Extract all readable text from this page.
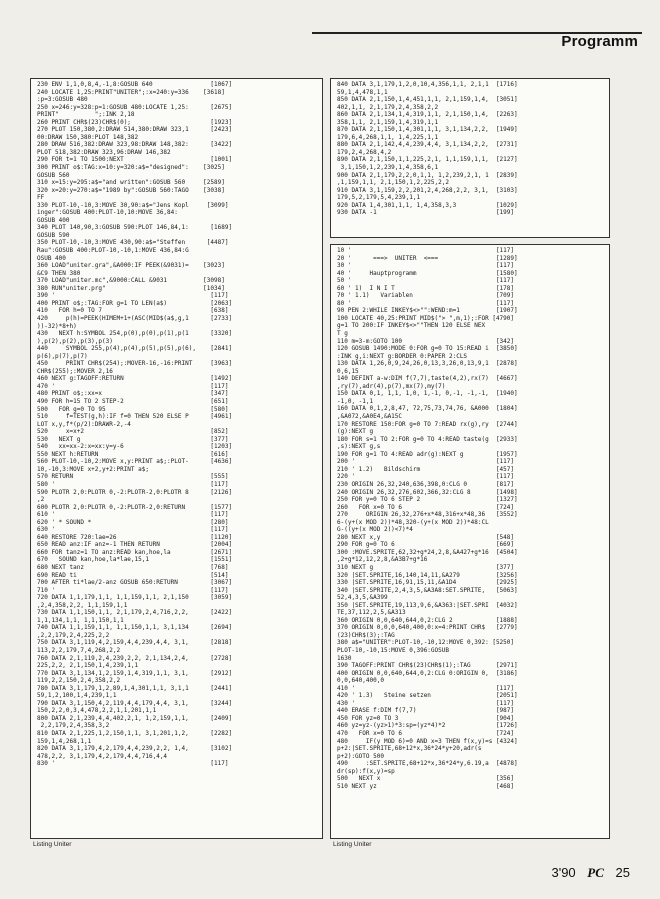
Programm
230 ENV 1,1,0,8,4,-1,8:GOSUB 640                [1067]
240 LOCATE 1,25:PRINT"UNITER";:x=240:y=336    [3618]
:p=3:GOSUB 480
250 x=246:y=328:p=1:GOSUB 480:LOCATE 1,25:      [2675]
PRINT"          ";:INK 2,18
260 PRINT CHR$(23)CHR$(0);                      [1923]
270 PLOT 150,380,2:DRAW 514,380:DRAW 323,1      [2423]
00:DRAW 150,380:PLOT 148,382
280 DRAW 516,382:DRAW 323,98:DRAW 148,382:      [3422]
PLOT 518,382:DRAW 323,96:DRAW 146,382
290 FOR t=1 TO 1500:NEXT                        [1001]
300 PRINT o$:TAG:x=10:y=320:a$="designed":    [3025]
GOSUB 560
310 x=15:y=295:a$="and written":GOSUB 560     [2589]
320 x=20:y=270:a$="1989 by":GOSUB 560:TAGO    [3038]
FF
330 PLOT-10,-10,3:MOVE 30,90:a$="Jens Kopl     [3099]
inger":GOSUB 400:PLOT-10,10:MOVE 36,84:
GOSUB 400
340 PLOT 140,90,3:GOSUB 590:PLOT 146,84,1:      [1689]
GOSUB 590
350 PLOT-10,-10,3:MOVE 430,90:a$="Steffen      [4487]
Rau":GOSUB 400:PLOT-10,-10,1:MOVE 436,84:G
OSUB 400
360 LOAD"uniter.gra",&A000:IF PEEK(&9031)=    [3023]
&C9 THEN 380
370 LOAD"uniter.mc",&9000:CALL &9031          [3098]
380 RUN"uniter.prg"                           [1034]
390 '                                           [117]
400 PRINT o$;:TAG:FOR g=1 TO LEN(a$)            [2063]
410   FOR h=0 TO 7                              [638]
420     p(h)=PEEK(HIMEM+1+(ASC(MID$(a$,g,1      [2733]
))-32)*8+h)
430   NEXT h:SYMBOL 254,p(0),p(0),p(1),p(1      [3320]
),p(2),p(2),p(3),p(3)
440     SYMBOL 255,p(4),p(4),p(5),p(5),p(6),    [2841]
p(6),p(7),p(7)
450     PRINT CHR$(254);:MOVER-16,-16:PRINT     [3963]
CHR$(255);:MOVER 2,16
460 NEXT g:TAGOFF:RETURN                        [1492]
470 '                                           [117]
480 PRINT o$;:xx=x                              [347]
490 FOR h=15 TO 2 STEP-2                        [651]
500   FOR g=0 TO 95                             [580]
510     f=TEST(g,h):IF f=0 THEN 520 ELSE P      [4961]
LOT x,y,f*(p/2):DRAWR-2,-4
520     x=x+2                                   [852]
530   NEXT g                                    [377]
540   xx=xx-2:x=xx:y=y-6                        [1203]
550 NEXT h:RETURN                               [616]
560 PLOT-10,-10,2:MOVE x,y:PRINT a$;:PLOT-      [4636]
10,-10,3:MOVE x+2,y+2:PRINT a$;
570 RETURN                                      [555]
580 '                                           [117]
590 PLOTR 2,0:PLOTR 0,-2:PLOTR-2,0:PLOTR 8      [2126]
,2
600 PLOTR 2,0:PLOTR 0,-2:PLOTR-2,0:RETURN       [1577]
610 '                                           [117]
620 ' * SOUND *                                 [280]
630 '                                           [117]
640 RESTORE 720:lae=26                          [1120]
650 READ anz:IF anz=-1 THEN RETURN              [2004]
660 FOR tanz=1 TO anz:READ kan,hoe,la           [2671]
670   SOUND kan,hoe,la*lae,15,1                 [1551]
680 NEXT tanz                                   [768]
690 READ ti                                     [514]
700 AFTER ti*lae/2-anz GOSUB 650:RETURN         [3067]
710 '                                           [117]
720 DATA 1,1,179,1,1, 1,1,159,1,1, 2,1,150      [3059]
,2,4,358,2,2, 1,1,159,1,1
730 DATA 1,1,150,1,1, 2,1,179,2,4,716,2,2,      [2422]
1,1,134,1,1, 1,1,150,1,1
740 DATA 1,1,159,1,1, 1,1,150,1,1, 3,1,134      [2694]
,2,2,179,2,4,225,2,2
750 DATA 3,1,119,4,2,159,4,4,239,4,4, 3,1,      [2818]
113,2,2,179,7,4,268,2,2
760 DATA 2,1,119,2,4,239,2,2, 2,1,134,2,4,      [2728]
225,2,2, 2,1,150,1,4,239,1,1
770 DATA 3,1,134,1,2,159,1,4,319,1,1, 3,1,      [2912]
119,2,2,150,2,4,358,2,2
780 DATA 3,1,179,1,2,89,1,4,301,1,1, 3,1,1      [2441]
59,1,2,100,1,4,239,1,1
790 DATA 3,1,150,4,2,119,4,4,179,4,4, 3,1,      [3244]
150,2,2,0,3,4,478,2,2,1,1,201,1,1
800 DATA 2,1,239,4,4,402,2,1, 1,2,159,1,1,      [2409]
2,2,179,2,4,358,3,2
810 DATA 2,1,225,1,2,150,1,1, 3,1,201,1,2,      [2282]
159,1,4,268,1,1
820 DATA 3,1,179,4,2,179,4,4,239,2,2, 1,4,      [3102]
478,2,2, 3,1,179,4,2,179,4,4,716,4,4
830 '                                           [117]
Listing Uniter
840 DATA 3,1,179,1,2,0,10,4,356,1,1, 2,1,1  [1716]
59,1,4,478,1,1
850 DATA 2,1,150,1,4,451,1,1, 2,1,159,1,4,  [3051]
402,1,1, 2,1,179,2,4,358,2,2
860 DATA 2,1,134,1,4,319,1,1, 2,1,150,1,4,  [2263]
358,1,1, 2,1,159,1,4,319,1,1
870 DATA 2,1,150,1,4,301,1,1, 3,1,134,2,2,  [1949]
179,6,4,268,1,1, 1,4,225,1,1
880 DATA 2,1,142,4,4,239,4,4, 3,1,134,2,2,  [2731]
179,2,4,268,4,2
890 DATA 2,1,150,1,1,225,2,1, 1,1,159,1,1,  [2127]
3,1,150,1,2,239,1,4,358,6,1
900 DATA 2,1,179,2,2,0,1,1, 1,2,239,2,1, 1  [2839]
,1,159,1,1, 2,1,150,1,2,225,2,2
910 DATA 3,1,159,2,2,201,2,4,268,2,2, 3,1,  [3103]
179,5,2,179,5,4,239,1,1
920 DATA 1,4,301,1,1, 1,4,358,3,3           [1029]
930 DATA -1                                 [199]
10 '                                        [117]
20 '      ===>  UNITER  <===                [1289]
30 '                                        [117]
40 '     Hauptprogramm                      [1580]
50 '                                        [117]
60 ' 1)  I N I T                            [178]
70 ' 1.1)   Variablen                       [709]
80 '                                        [117]
90 PEN 2:WHILE INKEY$<>"":WEND:m=1          [1907]
100 LOCATE 40,25:PRINT MID$("> ",m,1);:FOR [4790]
g=1 TO 200:IF INKEY$<>""THEN 120 ELSE NEX
T g
110 m=3-m:GOTO 100                          [342]
120 GOSUB 1490:MODE 0:FOR g=0 TO 15:READ i  [3850]
:INK g,i:NEXT g:BORDER 0:PAPER 2:CLS
130 DATA 1,26,0,9,24,26,0,13,3,26,0,13,9,1  [2878]
0,6,15
140 DEFINT a-w:DIM f(7,7),taste(4,2),rx(7)  [4667]
,ry(7),adr(4),p(7),mx(7),my(7)
150 DATA 0,1, 1,1, 1,0, 1,-1, 0,-1, -1,-1,  [1940]
-1,0, -1,1
160 DATA 0,1,2,8,47, 72,75,73,74,76, &A000  [1804]
,&A072,&A0E4,&A15C
170 RESTORE 150:FOR g=0 TO 7:READ rx(g),ry  [2744]
(g):NEXT g
180 FOR s=1 TO 2:FOR g=0 TO 4:READ taste(g  [2933]
,s):NEXT g,s
190 FOR g=1 TO 4:READ adr(g):NEXT g         [1957]
200 '                                       [117]
210 ' 1.2)   Bildschirm                     [457]
220 '                                       [117]
230 ORIGIN 26,32,240,636,398,0:CLG 0        [817]
240 ORIGIN 26,32,276,602,366,32:CLG 8       [1498]
250 FOR y=0 TO 6 STEP 2                     [1327]
260   FOR x=0 TO 6                          [724]
270     ORIGIN 26,32,276+x*48,316+x*48,36   [3552]
6-(y+(x MOD 2))*48,320-(y+(x MOD 2))*48:CL
G-((y+(x MOD 2))<7)*4
280 NEXT x,y                                [548]
290 FOR g=0 TO 6                            [669]
300 :MOVE.SPRITE,62,32+g*24,2,8,&A427+g*16  [4504]
,2+g*12,12,2,8,&A3B7+g*16
310 NEXT g                                  [377]
320 |SET.SPRITE,16,140,14,11,&A279          [3256]
330 |SET.SPRITE,16,91,15,11,&A1D4           [2925]
340 |SET.SPRITE,2,4,3,5,&A3A8:SET.SPRITE,   [5063]
52,4,3,5,&A399
350 |SET.SPRITE,19,113,9,6,&A363:|SET.SPRI  [4032]
TE,37,112,2,5,&A313
360 ORIGIN 0,0,640,644,0,2:CLG 2            [1888]
370 ORIGIN 0,0,0,640,400,0:x=4:PRINT CHR$   [2779]
(23)CHR$(3);:TAG
380 a$="UNITER":PLOT-10,-10,12:MOVE 0,392: [5250]
PLOT-10,-10,15:MOVE 0,396:GOSUB
1630
390 TAGOFF:PRINT CHR$(23)CHR$(1);:TAG       [2971]
400 ORIGIN 0,0,640,644,0,2:CLG 0:ORIGIN 0,  [3186]
0,0,640,400,0
410 '                                       [117]
420 ' 1.3)   Steine setzen                  [2051]
430 '                                       [117]
440 ERASE f:DIM f(7,7)                      [987]
450 FOR yz=0 TO 3                           [904]
460 yz=yz-(yz>1)*3:sp=(yz*4)*2              [1726]
470   FOR x=0 TO 6                          [724]
480     IF(y MOD 6)=0 AND x=3 THEN f(x,y)=s [4324]
p+2:|SET.SPRITE,68+12*x,36*24*y+20,adr(s
p+2):GOTO 500
490     :SET.SPRITE,68+12*x,36*24*y,6.19,a  [4878]
dr(sp):f(x,y)=sp
500   NEXT x                                [356]
510 NEXT yz                                 [468]
Listing Uniter
3'90 PC 25
